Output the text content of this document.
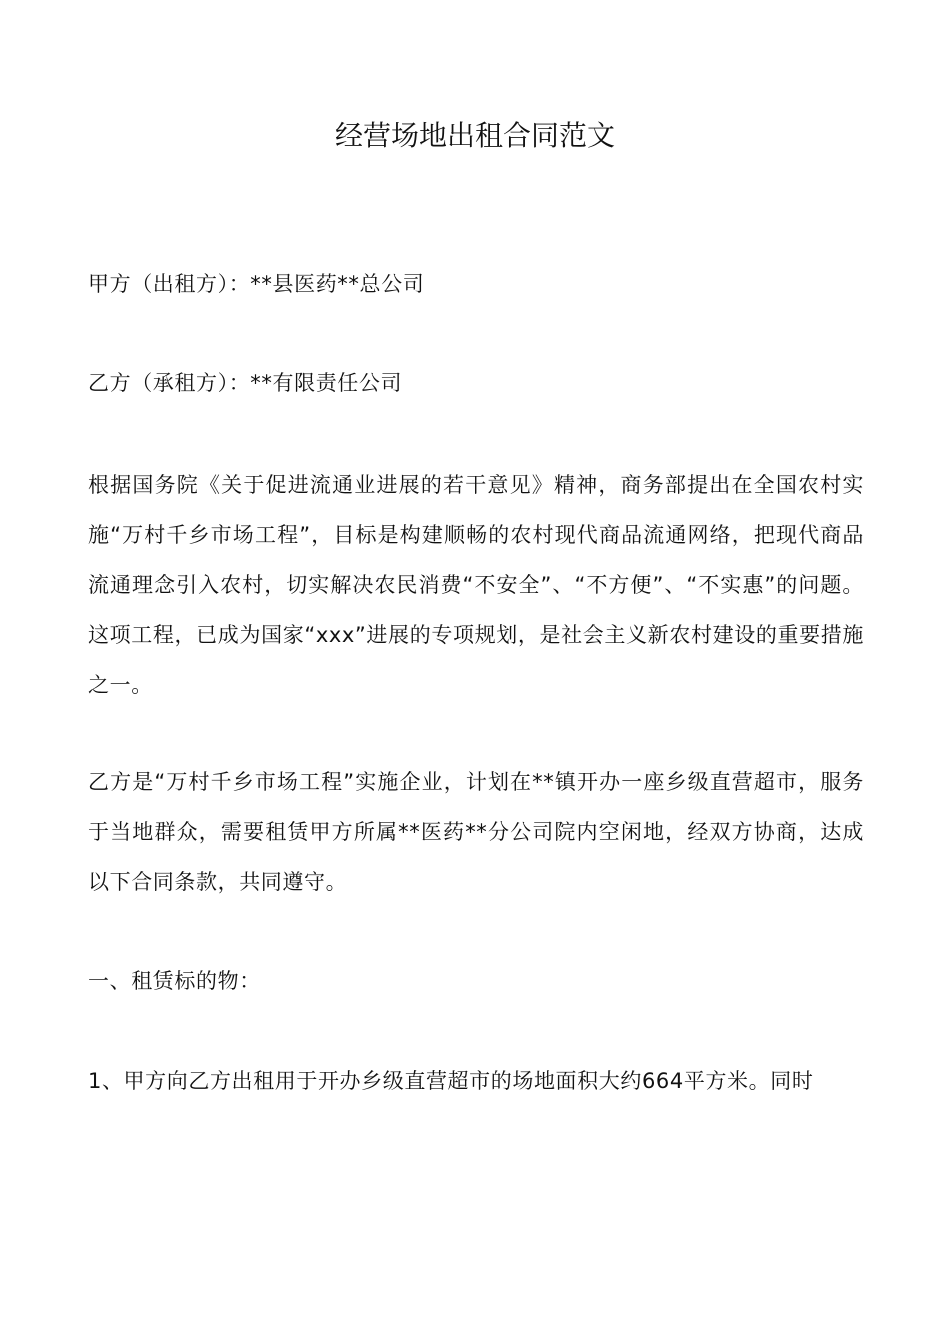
经营场地出租合同范文

甲方（出租方）：**县医药**总公司

乙方（承租方）：**有限责任公司

根据国务院《关于促进流通业进展的若干意见》精神，商务部提出在全国农村实施“万村千乡市场工程”，目标是构建顺畅的农村现代商品流通网络，把现代商品流通理念引入农村，切实解决农民消费“不安全”、“不方便”、“不实惠”的问题。这项工程，已成为国家“xxx”进展的专项规划，是社会主义新农村建设的重要措施之一。

乙方是“万村千乡市场工程”实施企业，计划在**镇开办一座乡级直营超市，服务于当地群众，需要租赁甲方所属**医药**分公司院内空闲地，经双方协商，达成以下合同条款，共同遵守。

一、租赁标的物：

1、甲方向乙方出租用于开办乡级直营超市的场地面积大约664平方米。同时
